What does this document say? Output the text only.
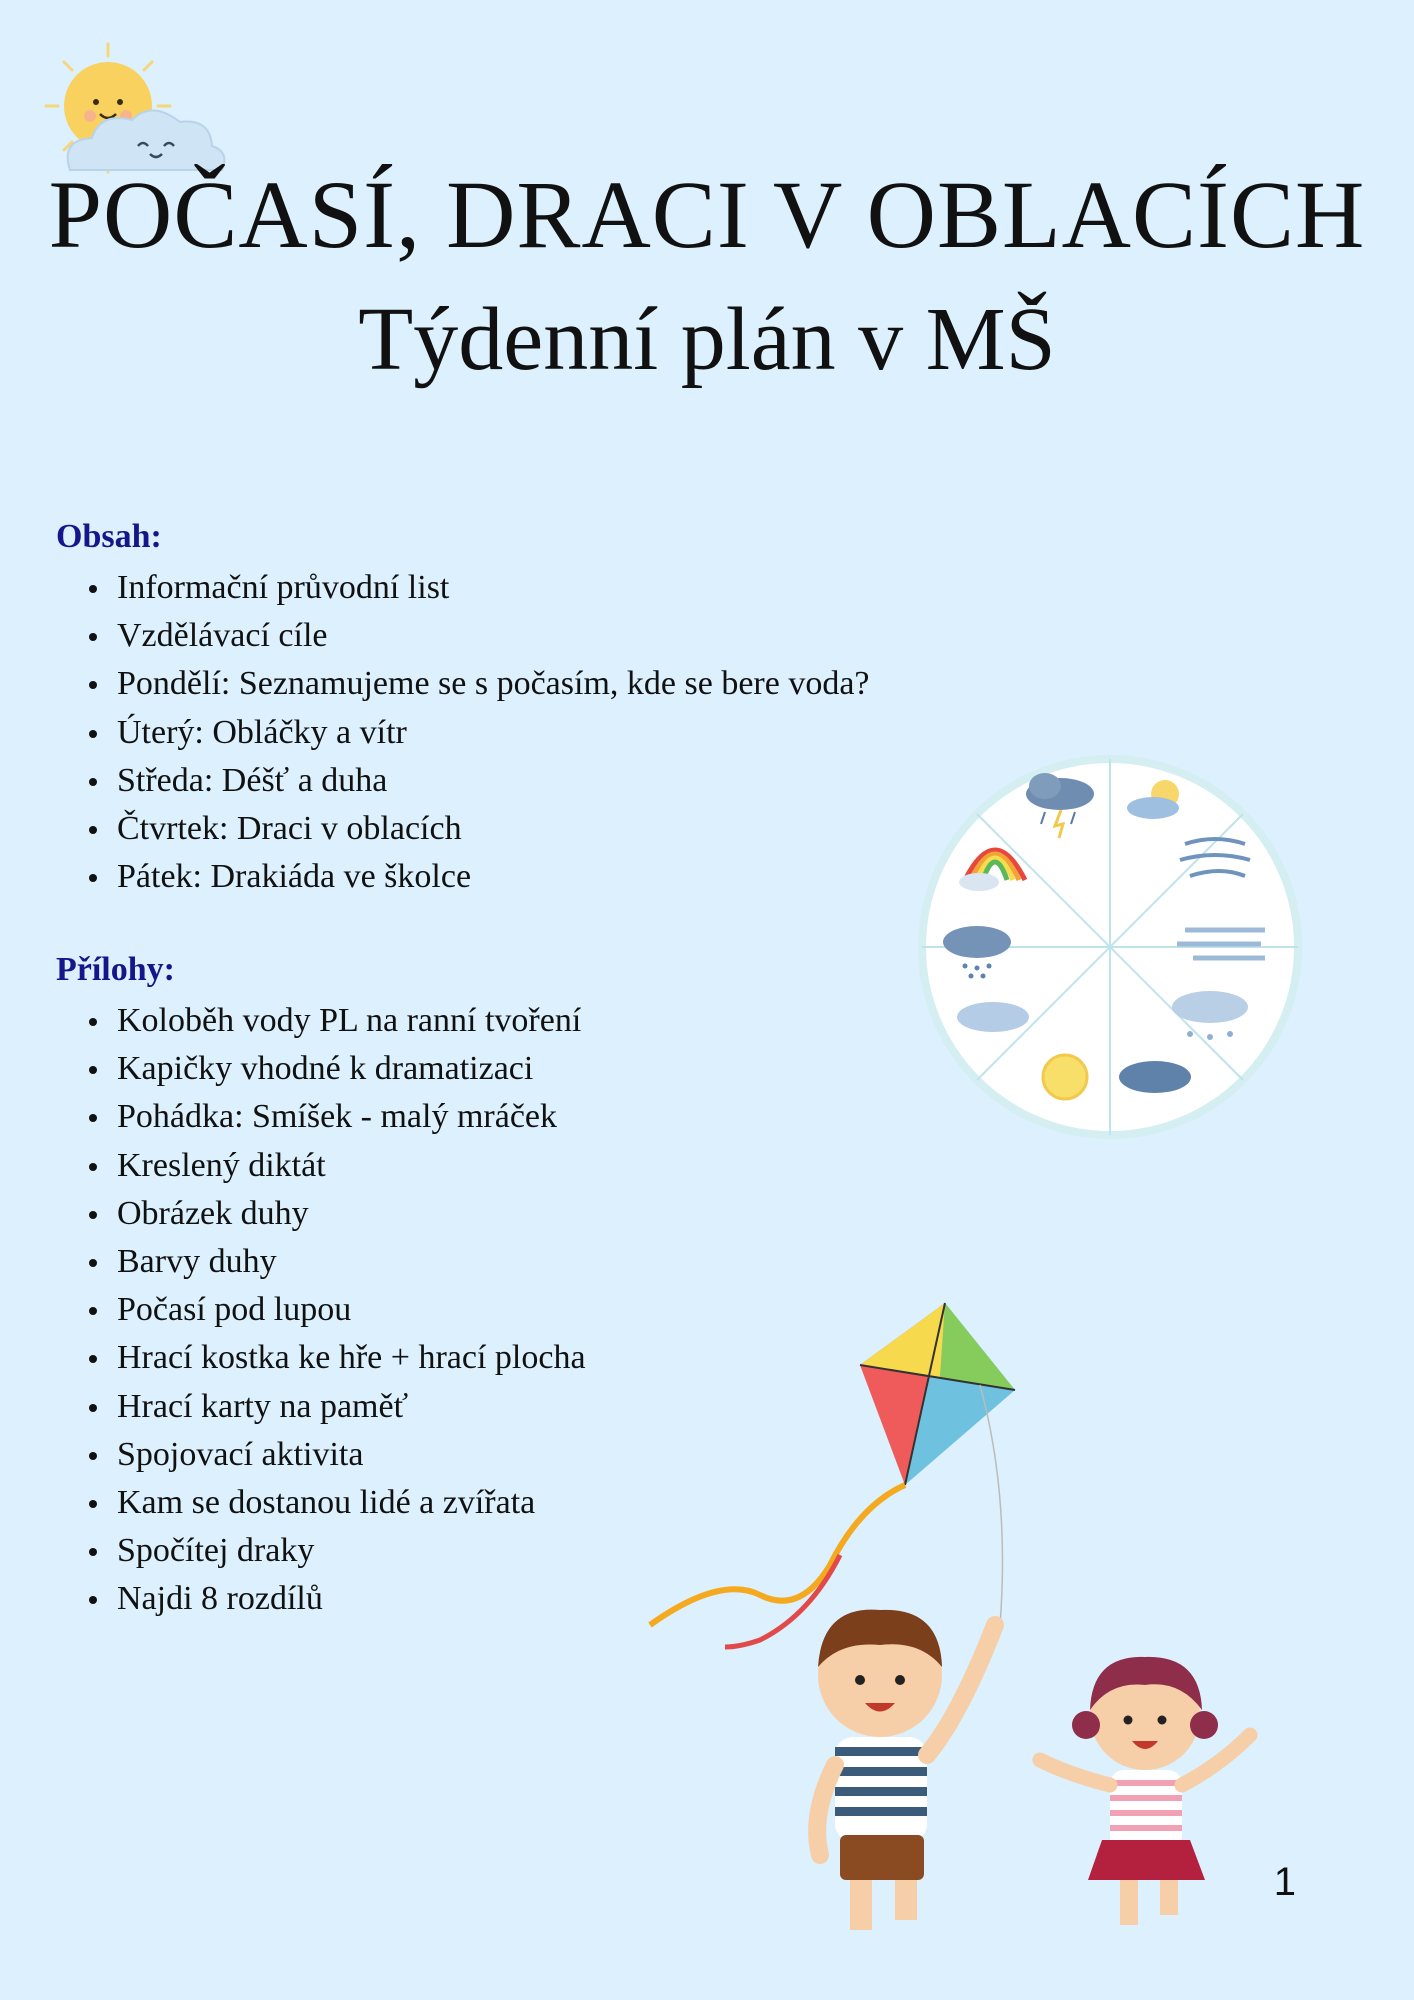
POČASÍ, DRACI V OBLACÍCH
Týdenní plán v MŠ
Obsah:
Informační průvodní list
Vzdělávací cíle
Pondělí: Seznamujeme se s počasím, kde se bere voda?
Úterý: Obláčky a vítr
Středa: Déšť a duha
Čtvrtek: Draci v oblacích
Pátek: Drakiáda ve školce
Přílohy:
Koloběh vody PL na ranní tvoření
Kapičky vhodné k dramatizaci
Pohádka: Smíšek - malý mráček
Kreslený diktát
Obrázek duhy
Barvy duhy
Počasí pod lupou
Hrací kostka ke hře + hrací plocha
Hrací karty na paměť
Spojovací aktivita
Kam se dostanou lidé a zvířata
Spočítej draky
Najdi 8 rozdílů
1
